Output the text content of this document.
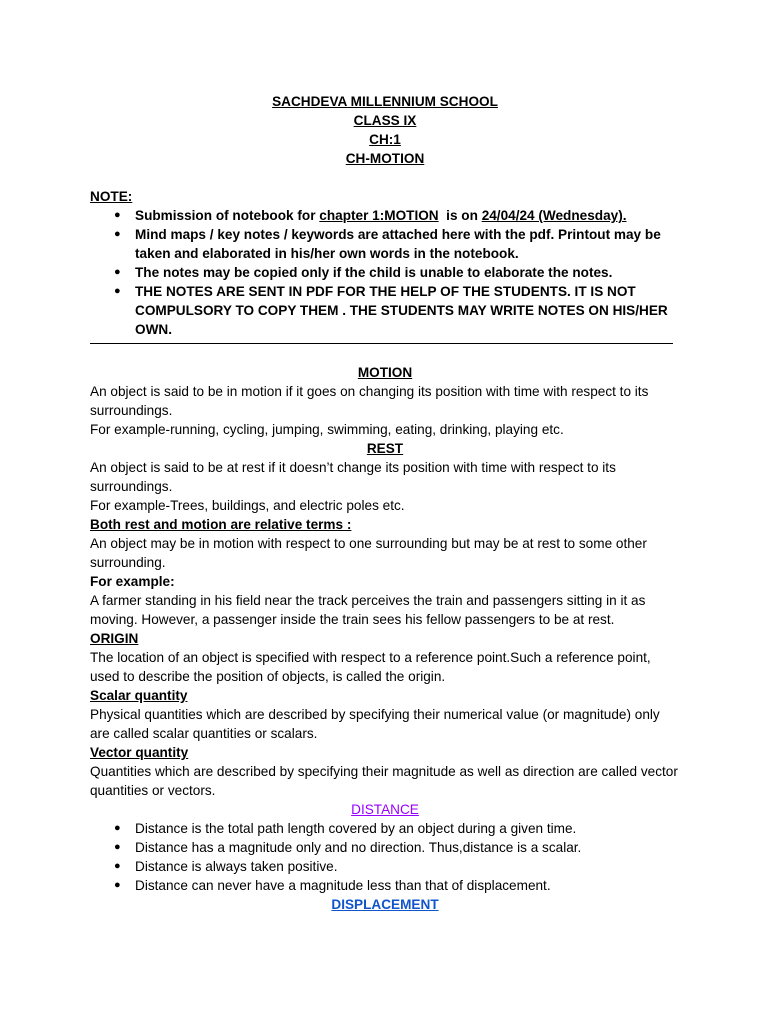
SACHDEVA MILLENNIUM SCHOOL
CLASS IX
CH:1
CH-MOTION
NOTE:
● Submission of notebook for chapter 1:MOTION  is on 24/04/24 (Wednesday).
● Mind maps / key notes / keywords are attached here with the pdf. Printout may be taken and elaborated in his/her own words in the notebook.
● The notes may be copied only if the child is unable to elaborate the notes.
● THE NOTES ARE SENT IN PDF FOR THE HELP OF THE STUDENTS. IT IS NOT COMPULSORY TO COPY THEM . THE STUDENTS MAY WRITE NOTES ON HIS/HER OWN.
MOTION

An object is said to be in motion if it goes on changing its position with time with respect to its surroundings.

For example-running, cycling, jumping, swimming, eating, drinking, playing etc.

REST

An object is said to be at rest if it doesn’t change its position with time with respect to its surroundings.

For example-Trees, buildings, and electric poles etc.

Both rest and motion are relative terms :

An object may be in motion with respect to one surrounding but may be at rest to some other surrounding.

For example:

A farmer standing in his field near the track perceives the train and passengers sitting in it as moving. However, a passenger inside the train sees his fellow passengers to be at rest.

ORIGIN

The location of an object is specified with respect to a reference point.Such a reference point, used to describe the position of objects, is called the origin.

Scalar quantity

Physical quantities which are described by specifying their numerical value (or magnitude) only are called scalar quantities or scalars.

Vector quantity

Quantities which are described by specifying their magnitude as well as direction are called vector quantities or vectors.

DISTANCE
● Distance is the total path length covered by an object during a given time.
● Distance has a magnitude only and no direction. Thus,distance is a scalar.
● Distance is always taken positive.
● Distance can never have a magnitude less than that of displacement.
DISPLACEMENT
